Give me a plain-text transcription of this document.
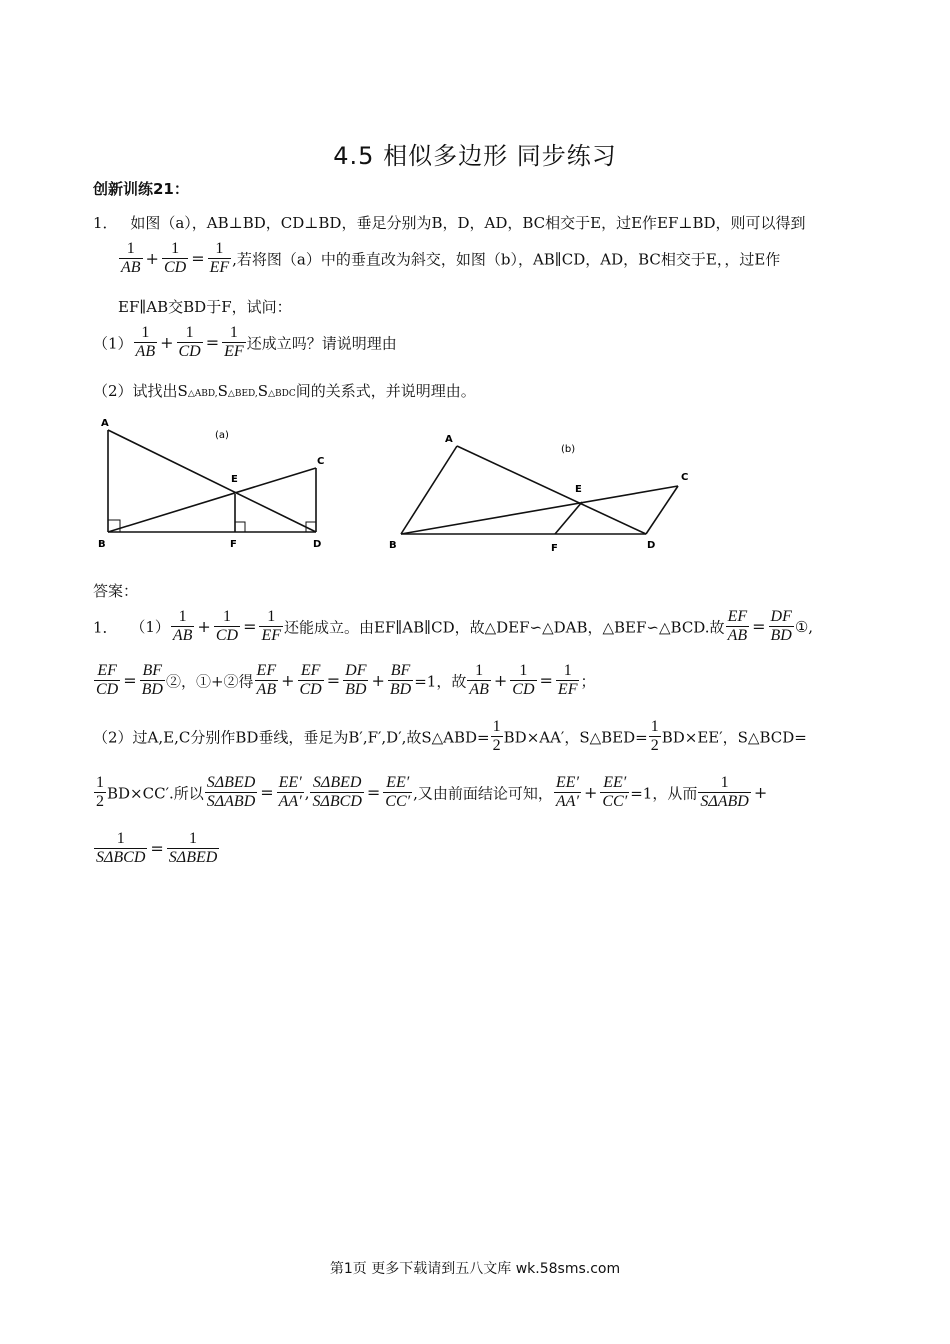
4.5 相似多边形 同步练习
创新训练21：
1． 如图（a），AB⊥BD，CD⊥BD，垂足分别为B，D，AD，BC相交于E，过E作EF⊥BD，则可以得到
$\frac{1}{AB} + \frac{1}{CD} = \frac{1}{EF}$ ,若将图（a）中的垂直改为斜交，如图（b），AB∥CD，AD，BC相交于E，，过E作
EF∥AB交BD于F，试问：
$(1) \frac{1}{AB} + \frac{1}{CD} = \frac{1}{EF}$ 还成立吗？请说明理由
（2）试找出S△ABD,S△BED,S△BDC间的关系式，并说明理由。
A
B
C
D
E
F
(a)	A
B
C
D
E
F
(b)
答案：
1． $(1) \frac{1}{AB} + \frac{1}{CD} = \frac{1}{EF}$ 还能成立。由EF∥AB∥CD，故△DEF∽△DAB，△BEF∽△BCD.故 $\frac{EF}{AB} = \frac{DF}{BD}$ ①,
$\frac{EF}{CD} = \frac{BF}{BD}$ ②，①+②得 $\frac{EF}{AB} + \frac{EF}{CD} = \frac{DF}{BD} + \frac{BF}{BD} =1$，故 $\frac{1}{AB} + \frac{1}{CD} = \frac{1}{EF}$ ；
（2）过A,E,C分别作BD垂线，垂足为B′,F′,D′,故S△ABD= $\frac{1}{2} BD\times AA'$，S△BED= $\frac{1}{2} BD\times EE'$，S△BCD=
$\frac{1}{2} BD\times CC'$.所以 $\frac{\text{SΔBED}}{\text{SΔABD}} = \frac{EE'}{AA'}$ , $\frac{\text{SΔBED}}{\text{SΔBCD}} = \frac{EE'}{CC'}$ ,又由前面结论可知， $\frac{EE'}{AA'} + \frac{EE'}{CC'} =1$，从而 $\frac{1}{\text{SΔABD}}$ +
$\frac{1}{\text{SΔBCD}} = \frac{1}{\text{SΔBED}}$
第1页 更多下载请到五八文库 wk.58sms.com
